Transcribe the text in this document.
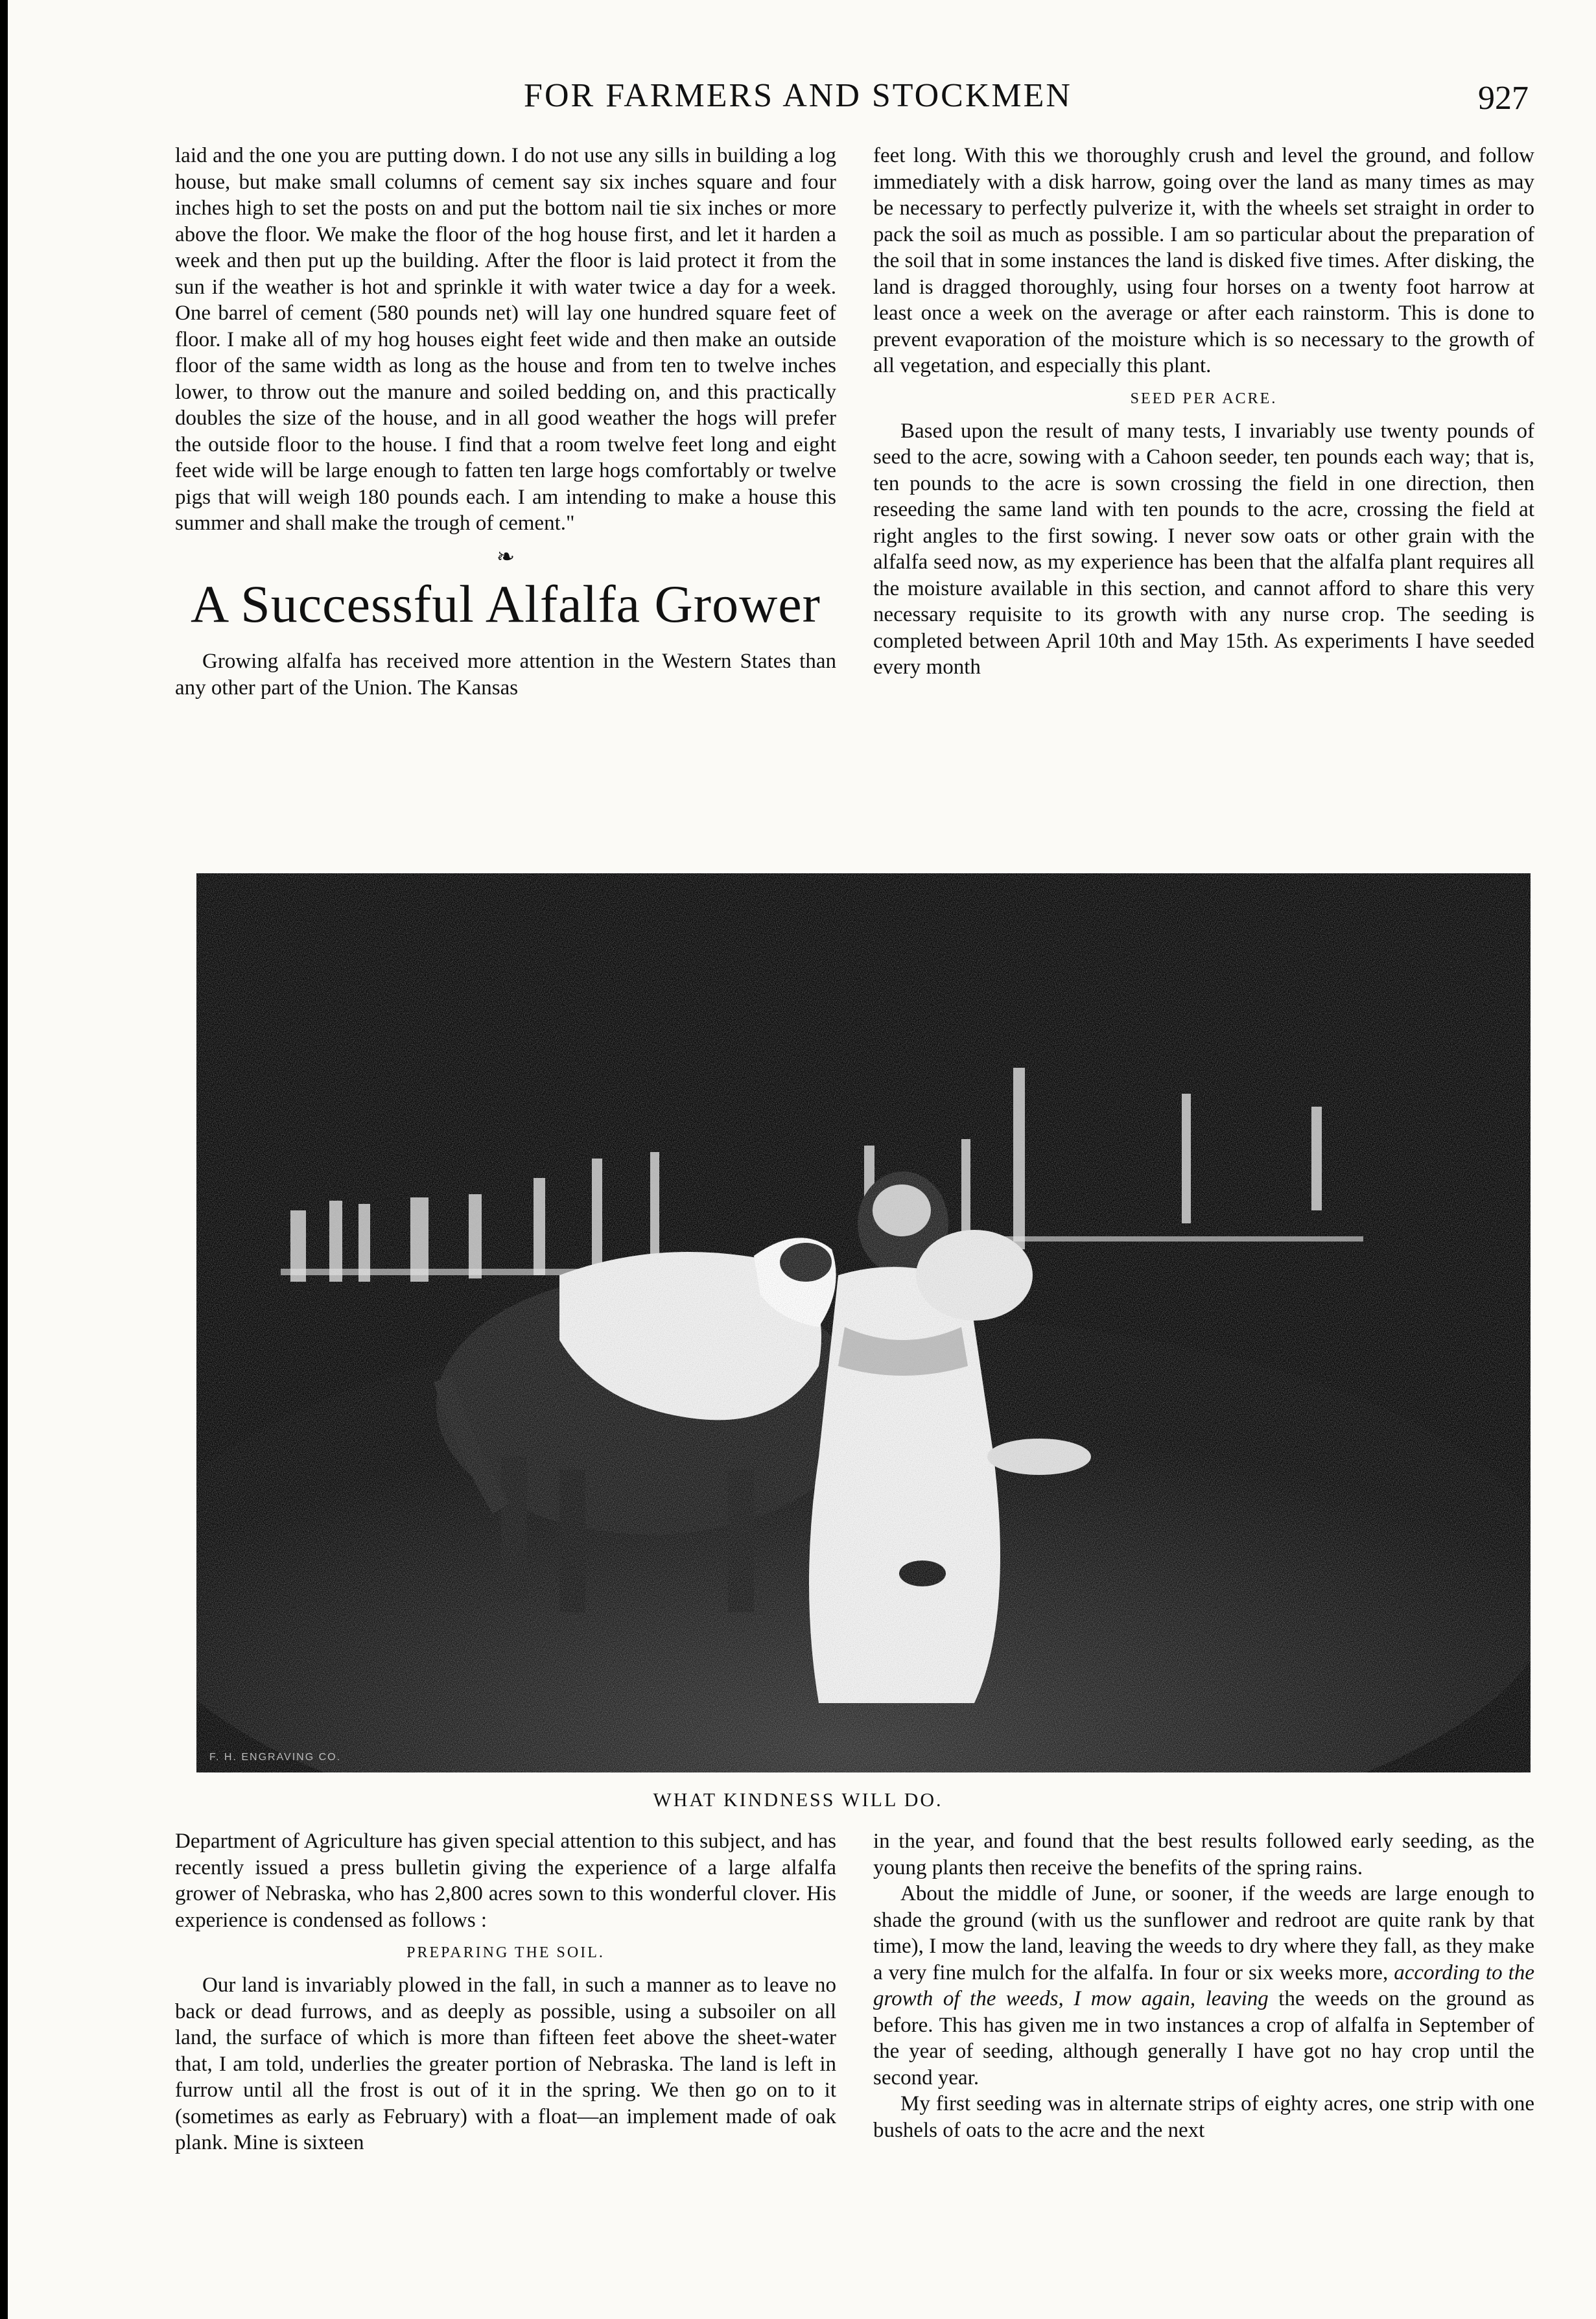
FOR FARMERS AND STOCKMEN	927

laid and the one you are putting down. I do not use any sills in building a log house, but make small columns of cement say six inches square and four inches high to set the posts on and put the bottom nail tie six inches or more above the floor. We make the floor of the hog house first, and let it harden a week and then put up the building. After the floor is laid protect it from the sun if the weather is hot and sprinkle it with water twice a day for a week. One barrel of cement (580 pounds net) will lay one hundred square feet of floor. I make all of my hog houses eight feet wide and then make an outside floor of the same width as long as the house and from ten to twelve inches lower, to throw out the manure and soiled bedding on, and this practically doubles the size of the house, and in all good weather the hogs will prefer the outside floor to the house. I find that a room twelve feet long and eight feet wide will be large enough to fatten ten large hogs comfortably or twelve pigs that will weigh 180 pounds each. I am intending to make a house this summer and shall make the trough of cement."

❧
A Successful Alfalfa Grower

Growing alfalfa has received more attention in the Western States than any other part of the Union. The Kansas

feet long. With this we thoroughly crush and level the ground, and follow immediately with a disk harrow, going over the land as many times as may be necessary to perfectly pulverize it, with the wheels set straight in order to pack the soil as much as possible. I am so particular about the preparation of the soil that in some instances the land is disked five times. After disking, the land is dragged thoroughly, using four horses on a twenty foot harrow at least once a week on the average or after each rainstorm. This is done to prevent evaporation of the moisture which is so necessary to the growth of all vegetation, and especially this plant.

SEED PER ACRE.

Based upon the result of many tests, I invariably use twenty pounds of seed to the acre, sowing with a Cahoon seeder, ten pounds each way; that is, ten pounds to the acre is sown crossing the field in one direction, then reseeding the same land with ten pounds to the acre, crossing the field at right angles to the first sowing. I never sow oats or other grain with the alfalfa seed now, as my experience has been that the alfalfa plant requires all the moisture available in this section, and cannot afford to share this very necessary requisite to its growth with any nurse crop. The seeding is completed between April 10th and May 15th. As experiments I have seeded every month

F. H. ENGRAVING CO.
WHAT KINDNESS WILL DO.

Department of Agriculture has given special attention to this subject, and has recently issued a press bulletin giving the experience of a large alfalfa grower of Nebraska, who has 2,800 acres sown to this wonderful clover. His experience is condensed as follows :

PREPARING THE SOIL.

Our land is invariably plowed in the fall, in such a manner as to leave no back or dead furrows, and as deeply as possible, using a subsoiler on all land, the surface of which is more than fifteen feet above the sheet-water that, I am told, underlies the greater portion of Nebraska. The land is left in furrow until all the frost is out of it in the spring. We then go on to it (sometimes as early as February) with a float—an implement made of oak plank. Mine is sixteen

in the year, and found that the best results followed early seeding, as the young plants then receive the benefits of the spring rains.

About the middle of June, or sooner, if the weeds are large enough to shade the ground (with us the sunflower and redroot are quite rank by that time), I mow the land, leaving the weeds to dry where they fall, as they make a very fine mulch for the alfalfa. In four or six weeks more, according to the growth of the weeds, I mow again, leaving the weeds on the ground as before. This has given me in two instances a crop of alfalfa in September of the year of seeding, although generally I have got no hay crop until the second year.

My first seeding was in alternate strips of eighty acres, one strip with one bushels of oats to the acre and the next
